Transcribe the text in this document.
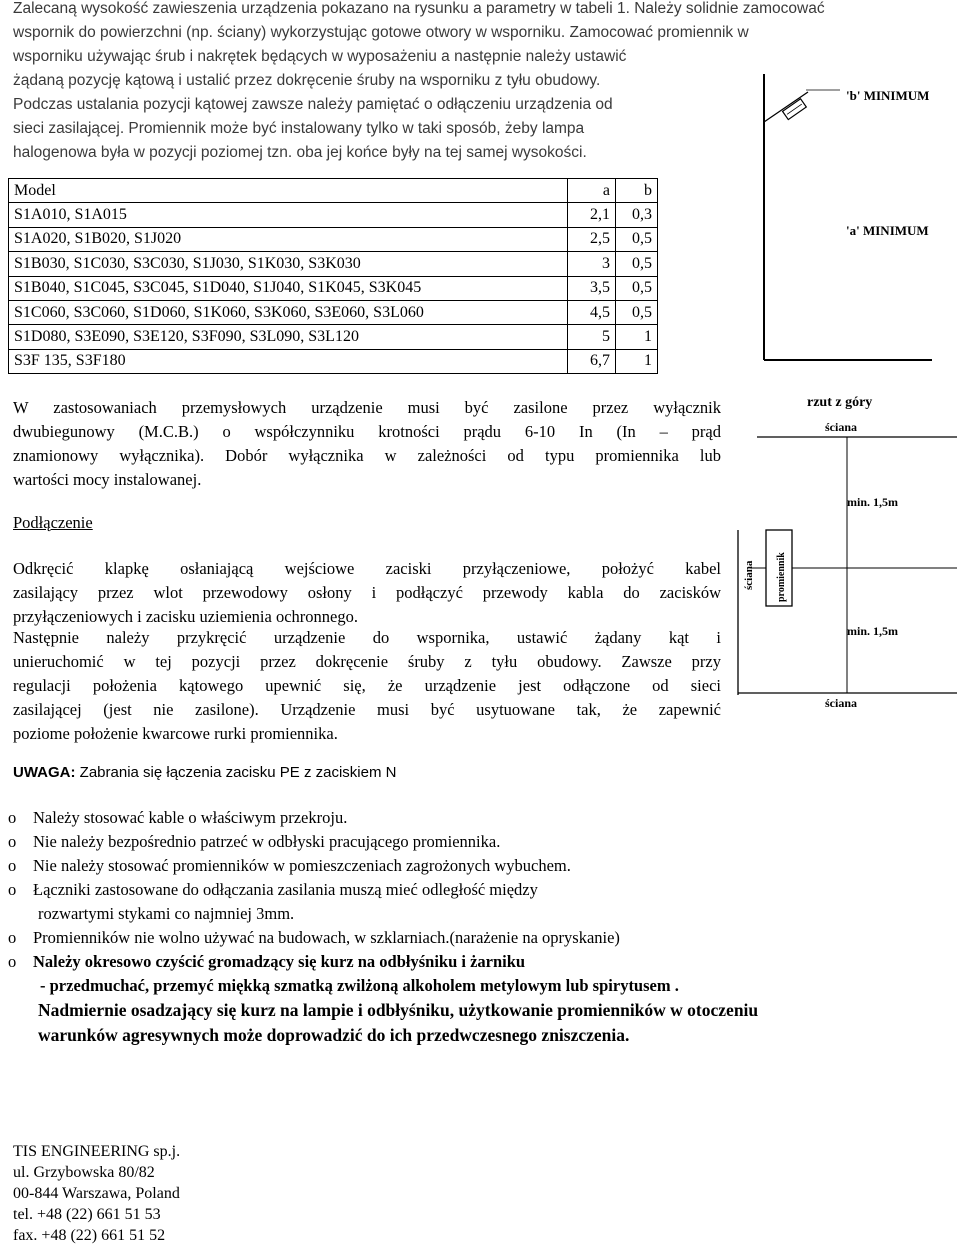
Zalecaną wysokość zawieszenia urządzenia pokazano na rysunku a parametry w tabeli 1. Należy solidnie zamocować
wspornik do powierzchni (np. ściany) wykorzystując gotowe otwory w wsporniku. Zamocować promiennik w
wsporniku używając śrub i nakrętek będących w wyposażeniu a następnie należy ustawić
żądaną pozycję kątową i ustalić przez dokręcenie śruby na wsporniku z tyłu obudowy.
Podczas ustalania pozycji kątowej zawsze należy pamiętać o odłączeniu urządzenia od
sieci zasilającej. Promiennik może być instalowany tylko w taki sposób, żeby lampa
halogenowa była w pozycji poziomej tzn. oba jej końce były na tej samej wysokości.
Model	a	b
S1A010, S1A015	2,1	0,3
S1A020, S1B020, S1J020	2,5	0,5
S1B030, S1C030, S3C030, S1J030, S1K030, S3K030	3	0,5
S1B040, S1C045, S3C045, S1D040, S1J040, S1K045, S3K045	3,5	0,5
S1C060, S3C060, S1D060, S1K060, S3K060, S3E060, S3L060	4,5	0,5
S1D080, S3E090, S3E120, S3F090, S3L090, S3L120	5	1
S3F 135, S3F180	6,7	1
'b' MINIMUM
'a' MINIMUM
rzut z góry
ściana
min. 1,5m
ściana promiennik
min. 1,5m
ściana
W zastosowaniach przemysłowych urządzenie musi być zasilone przez wyłącznik
dwubiegunowy (M.C.B.) o współczynniku krotności prądu 6-10 In (In – prąd
znamionowy wyłącznika). Dobór wyłącznika w zależności od typu promiennika lub
wartości mocy instalowanej.
Podłączenie
Odkręcić klapkę osłaniającą wejściowe zaciski przyłączeniowe, położyć kabel
zasilający przez wlot przewodowy osłony i podłączyć przewody kabla do zacisków
przyłączeniowych i zacisku uziemienia ochronnego.
Następnie należy przykręcić urządzenie do wspornika, ustawić żądany kąt i
unieruchomić w tej pozycji przez dokręcenie śruby z tyłu obudowy. Zawsze przy
regulacji położenia kątowego upewnić się, że urządzenie jest odłączone od sieci
zasilającej (jest nie zasilone). Urządzenie musi być usytuowane tak, że zapewnić
poziome położenie kwarcowe rurki promiennika.
UWAGA: Zabrania się łączenia zacisku PE z zaciskiem N
o Należy stosować kable o właściwym przekroju.
o Nie należy bezpośrednio patrzeć w odbłyski pracującego promiennika.
o Nie należy stosować promienników w pomieszczeniach zagrożonych wybuchem.
o Łączniki zastosowane do odłączania zasilania muszą mieć odległość między
rozwartymi stykami co najmniej 3mm.
o Promienników nie wolno używać na budowach, w szklarniach.(narażenie na opryskanie)
o Należy okresowo czyścić gromadzący się kurz na odbłyśniku i żarniku
- przedmuchać, przemyć miękką szmatką zwilżoną alkoholem metylowym lub spirytusem .
Nadmiernie osadzający się kurz na lampie i odbłyśniku, użytkowanie promienników w otoczeniu
warunków agresywnych może doprowadzić do ich przedwczesnego zniszczenia.
TIS ENGINEERING sp.j.
ul. Grzybowska 80/82
00-844 Warszawa, Poland
tel. +48 (22) 661 51 53
fax. +48 (22) 661 51 52
